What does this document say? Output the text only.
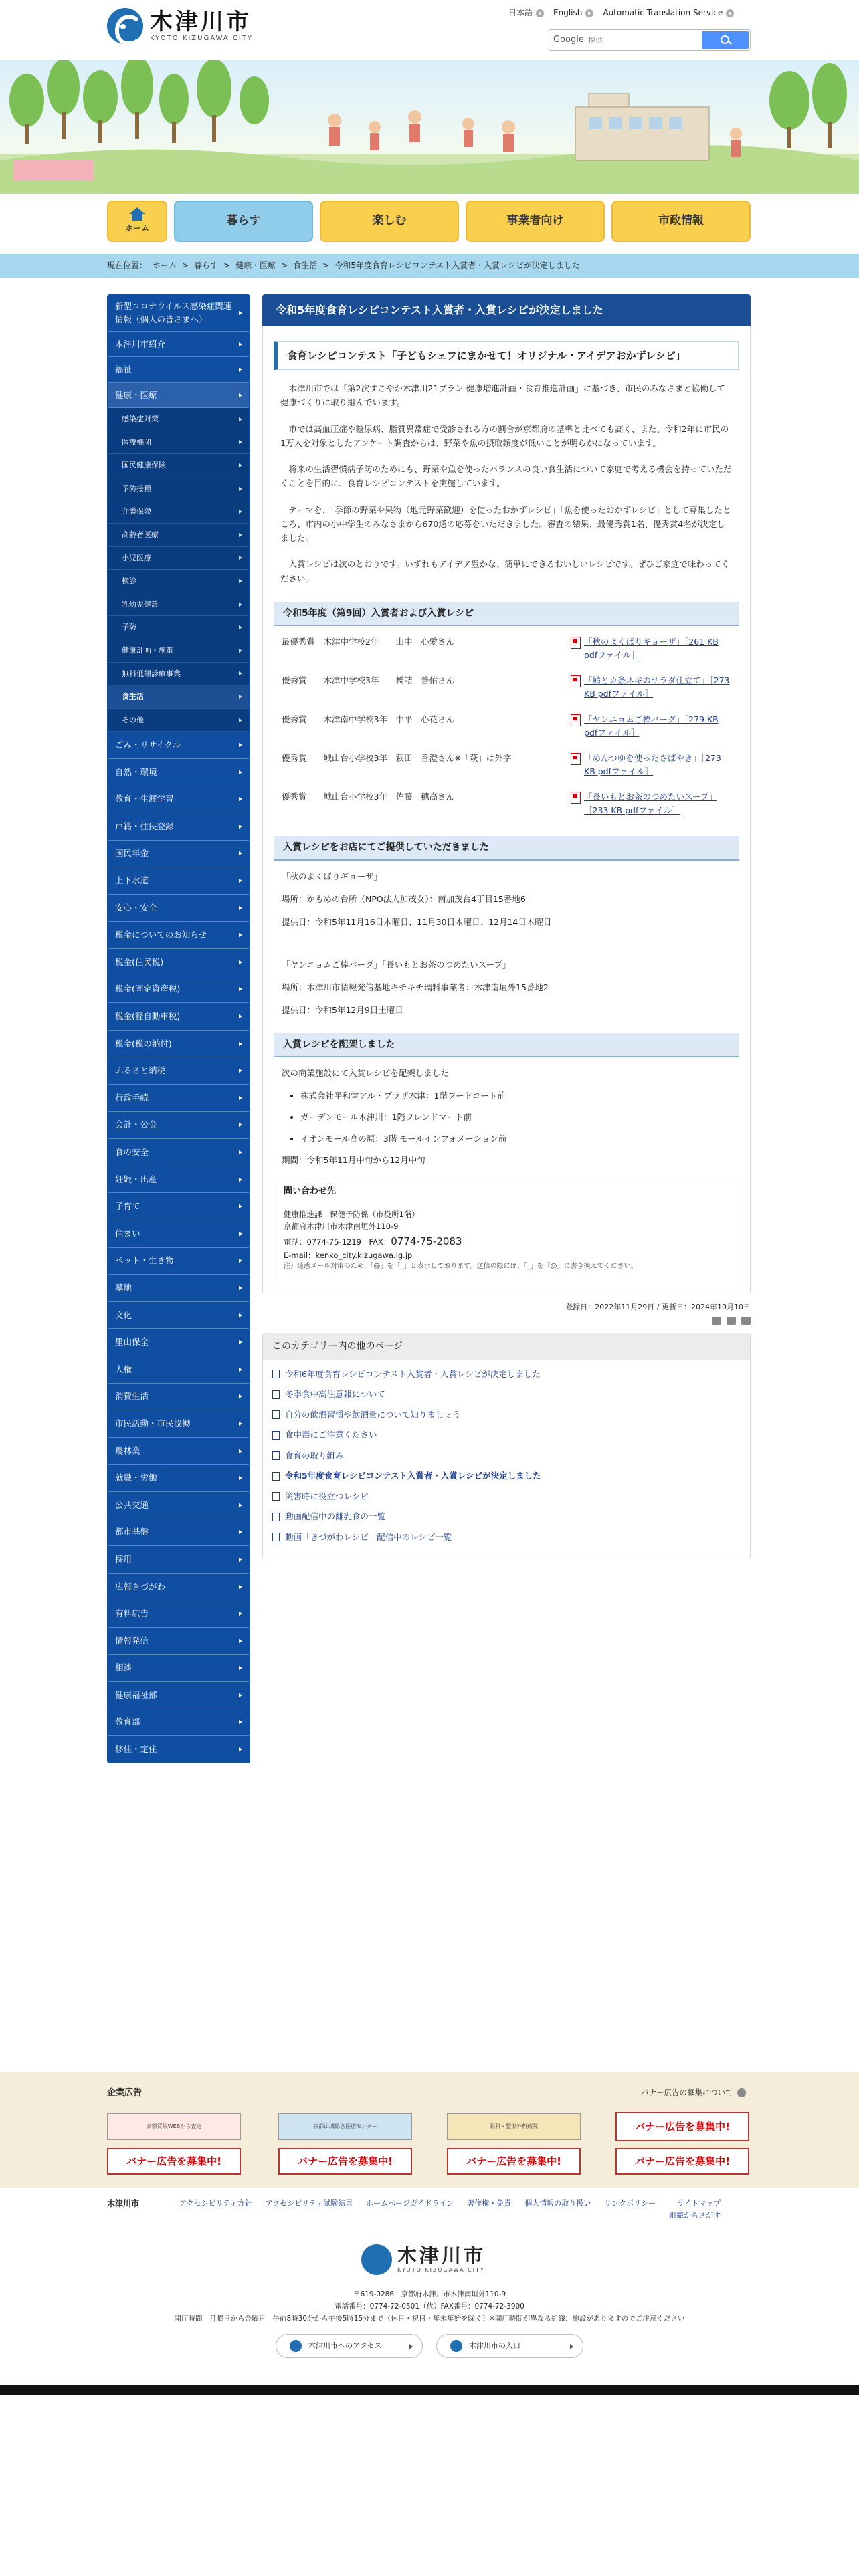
木津川市
KYOTO KIZUGAWA CITY
日本語	English	Automatic Translation Service
Google
提供
ホーム
暮らす	楽しむ	事業者向け	市政情報
現在位置： ホーム > 暮らす > 健康・医療 > 食生活 > 令和5年度食育レシピコンテスト入賞者・入賞レシピが決定しました
新型コロナウイルス感染症関連情報（個人の皆さまへ）
木津川市紹介
福祉
健康・医療
感染症対策
医療機関
国民健康保険
予防接種
介護保険
高齢者医療
小児医療
検診
乳幼児健診
予防
健康計画・施策
無料低額診療事業
食生活
その他
ごみ・リサイクル
自然・環境
教育・生涯学習
戸籍・住民登録
国民年金
上下水道
安心・安全
税金についてのお知らせ
税金(住民税)
税金(固定資産税)
税金(軽自動車税)
税金(税の納付)
ふるさと納税
行政手続
会計・公金
食の安全
妊娠・出産
子育て
住まい
ペット・生き物
墓地
文化
里山保全
人権
消費生活
市民活動・市民協働
農林業
就職・労働
公共交通
都市基盤
採用
広報きづがわ
有料広告
情報発信
相談
健康福祉部
教育部
移住・定住
令和5年度食育レシピコンテスト入賞者・入賞レシピが決定しました
食育レシピコンテスト「子どもシェフにまかせて！オリジナル・アイデアおかずレシピ」

木津川市では「第2次すこやか木津川21プラン 健康増進計画・食育推進計画」に基づき、市民のみなさまと協働して健康づくりに取り組んでいます。

市では高血圧症や糖尿病、脂質異常症で受診される方の割合が京都府の基準と比べても高く、また、令和2年に市民の1万人を対象としたアンケート調査からは、野菜や魚の摂取頻度が低いことが明らかになっています。

将来の生活習慣病予防のためにも、野菜や魚を使ったバランスの良い食生活について家庭で考える機会を持っていただくことを目的に、食育レシピコンテストを実施しています。

テーマを、「季節の野菜や果物（地元野菜歓迎）を使ったおかずレシピ」「魚を使ったおかずレシピ」として募集したところ、市内の小中学生のみなさまから670通の応募をいただきました。審査の結果、最優秀賞1名、優秀賞4名が決定しました。

入賞レシピは次のとおりです。いずれもアイデア豊かな、簡単にできるおいしいレシピです。ぜひご家庭で味わってください。

令和5年度（第9回）入賞者および入賞レシピ
最優秀賞　木津中学校2年　　山中　心愛さん	「秋のよくばりギョーザ」［261 KB pdfファイル］
優秀賞　　木津中学校3年　　橋詰　善佑さん	「鯖とカ条ネギのサラダ仕立て」［273 KB pdfファイル］
優秀賞　　木津南中学校3年　中平　心花さん	「ヤンニョムご棒バーグ」［279 KB pdfファイル］
優秀賞　　城山台小学校3年　萩田　香澄さん※「萩」は外字	「めんつゆを使ったさばやき」［273 KB pdfファイル］
優秀賞　　城山台小学校3年　佐藤　穂高さん	「長いもとお茶のつめたいスープ」［233 KB pdfファイル］
入賞レシピをお店にてご提供していただきました

「秋のよくばりギョーザ」

場所：かもめの台所（NPO法人加茂女）：南加茂台4丁目15番地6

提供日：令和5年11月16日木曜日、11月30日木曜日、12月14日木曜日

「ヤンニョムご棒バーグ」「長いもとお茶のつめたいスープ」

場所：木津川市情報発信基地キチキチ璃料事業者：木津南垣外15番地2

提供日：令和5年12月9日土曜日

入賞レシピを配架しました

次の商業施設にて入賞レシピを配架しました

• 株式会社平和堂アル・プラザ木津：1階フードコート前
• ガーデンモール木津川：1階フレンドマート前
• イオンモール高の原：3階 モールインフォメーション前

期間：令和5年11月中旬から12月中旬

問い合わせ先
健康推進課　保健予防係（市役所1階）
京都府木津川市木津南垣外110-9
電話：0774-75-1219　FAX：0774-75-2083
E-mail：kenko_city.kizugawa.lg.jp
注）迷惑メール対策のため、「@」を「_」と表示しております。送信の際には、「_」を「@」に書き換えてください。
登録日：2022年11月29日 / 更新日：2024年10月10日
このカテゴリー内の他のページ
令和6年度食育レシピコンテスト入賞者・入賞レシピが決定しました
冬季食中高注意報について
自分の飲酒習慣や飲酒量について知りましょう
食中毒にご注意ください
食育の取り組み
令和5年度食育レシピコンテスト入賞者・入賞レシピが決定しました
災害時に役立つレシピ
動画配信中の離乳食の一覧
動画「きづがわレシピ」配信中のレシピ一覧
企業広告	バナー広告の募集について
高額買取WEBから査定	京都山城総合医療センター	眼科・整形外科病院	バナー広告を募集中!
バナー広告を募集中!	バナー広告を募集中!	バナー広告を募集中!	バナー広告を募集中!
木津川市	アクセシビリティ方針 アクセシビリティ試験結果 ホームページガイドライン 著作権・免責 個人情報の取り扱い リンクポリシー	サイトマップ
組織からさがす
木津川市
KYOTO KIZUGAWA CITY
〒619-0286　京都府木津川市木津南垣外110-9
電話番号：0774-72-0501（代）FAX番号：0774-72-3900
開庁時間　月曜日から金曜日　午前8時30分から午後5時15分まで（休日・祝日・年末年始を除く）※開庁時間が異なる組織、施設がありますのでご注意ください
木津川市へのアクセス	木津川市の入口
